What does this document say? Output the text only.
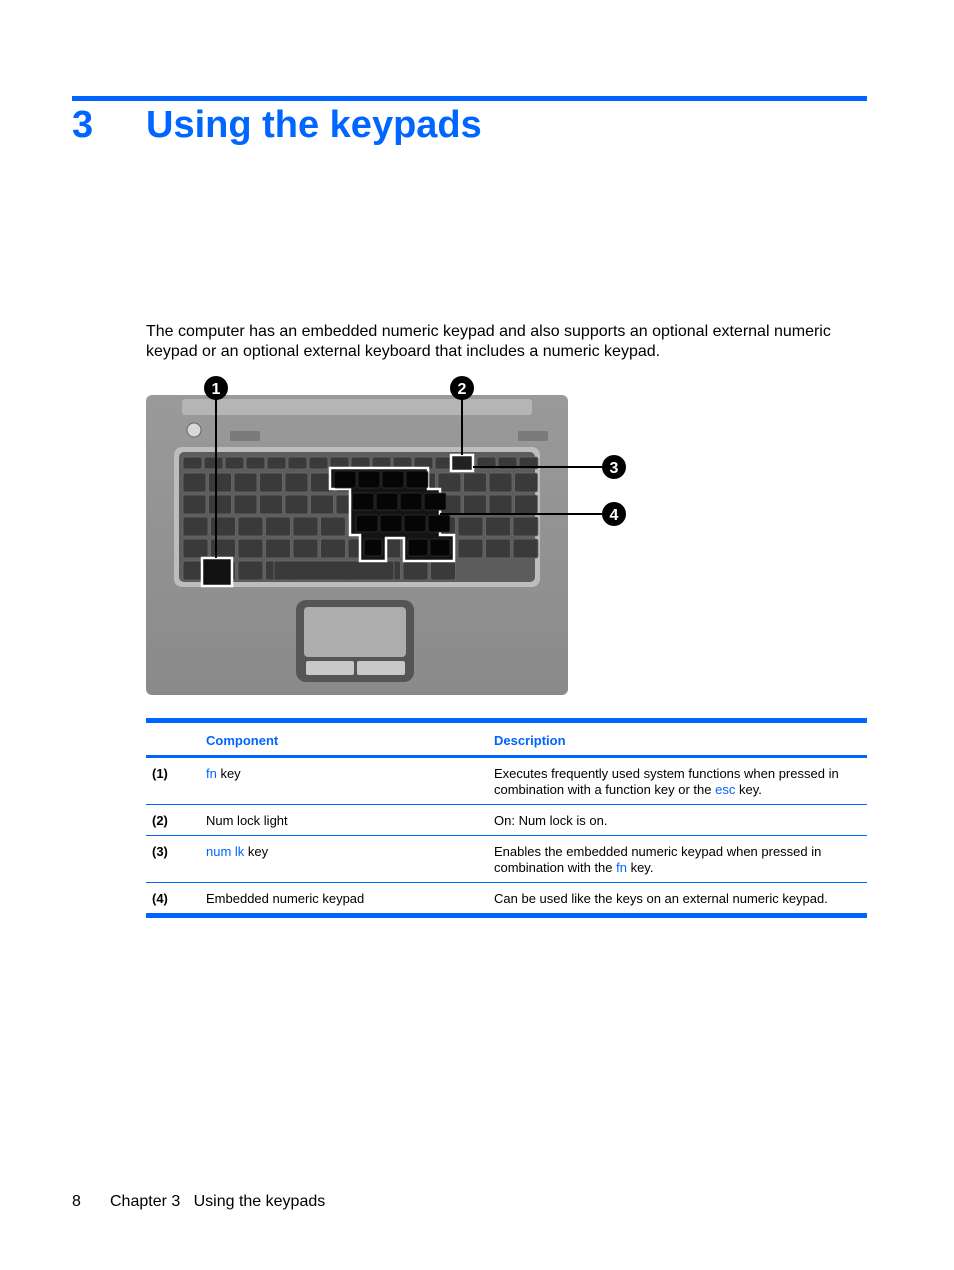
3 Using the keypads

The computer has an embedded numeric keypad and also supports an optional external numeric keypad or an optional external keyboard that includes a numeric keypad.

1	2
3
4
	Component	Description
(1)	fn key	Executes frequently used system functions when pressed in combination with a function key or the esc key.
(2)	Num lock light	On: Num lock is on.
(3)	num lk key	Enables the embedded numeric keypad when pressed in combination with the fn key.
(4)	Embedded numeric keypad	Can be used like the keys on an external numeric keypad.
8 Chapter 3   Using the keypads
